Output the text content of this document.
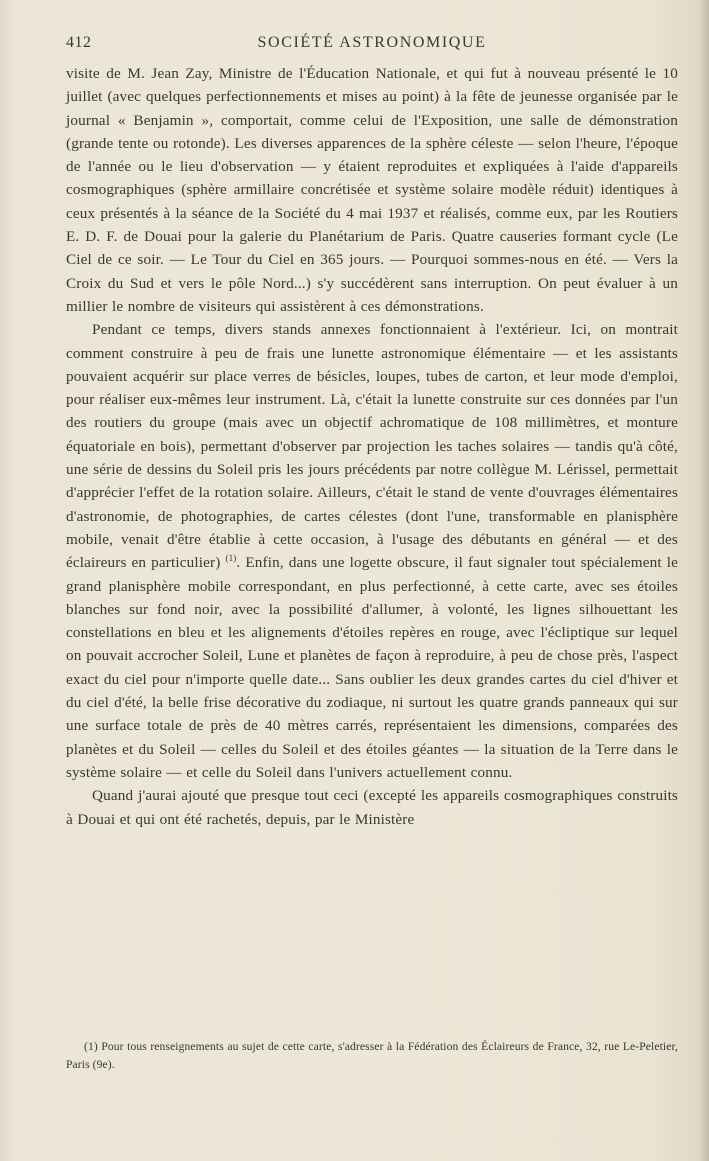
412	SOCIÉTÉ ASTRONOMIQUE

visite de M. Jean Zay, Ministre de l'Éducation Nationale, et qui fut à nouveau présenté le 10 juillet (avec quelques perfectionnements et mises au point) à la fête de jeunesse organisée par le journal « Benjamin », comportait, comme celui de l'Exposition, une salle de démonstration (grande tente ou rotonde). Les diverses apparences de la sphère céleste — selon l'heure, l'époque de l'année ou le lieu d'observation — y étaient reproduites et expliquées à l'aide d'appareils cosmographiques (sphère armillaire concrétisée et système solaire modèle réduit) identiques à ceux présentés à la séance de la Société du 4 mai 1937 et réalisés, comme eux, par les Routiers E. D. F. de Douai pour la galerie du Planétarium de Paris. Quatre causeries formant cycle (Le Ciel de ce soir. — Le Tour du Ciel en 365 jours. — Pourquoi sommes-nous en été. — Vers la Croix du Sud et vers le pôle Nord...) s'y succédèrent sans interruption. On peut évaluer à un millier le nombre de visiteurs qui assistèrent à ces démonstrations.

Pendant ce temps, divers stands annexes fonctionnaient à l'extérieur. Ici, on montrait comment construire à peu de frais une lunette astronomique élémentaire — et les assistants pouvaient acquérir sur place verres de bésicles, loupes, tubes de carton, et leur mode d'emploi, pour réaliser eux-mêmes leur instrument. Là, c'était la lunette construite sur ces données par l'un des routiers du groupe (mais avec un objectif achromatique de 108 millimètres, et monture équatoriale en bois), permettant d'observer par projection les taches solaires — tandis qu'à côté, une série de dessins du Soleil pris les jours précédents par notre collègue M. Lérissel, permettait d'apprécier l'effet de la rotation solaire. Ailleurs, c'était le stand de vente d'ouvrages élémentaires d'astronomie, de photographies, de cartes célestes (dont l'une, transformable en planisphère mobile, venait d'être établie à cette occasion, à l'usage des débutants en général — et des éclaireurs en particulier) $^{(1)}$. Enfin, dans une logette obscure, il faut signaler tout spécialement le grand planisphère mobile correspondant, en plus perfectionné, à cette carte, avec ses étoiles blanches sur fond noir, avec la possibilité d'allumer, à volonté, les lignes silhouettant les constellations en bleu et les alignements d'étoiles repères en rouge, avec l'écliptique sur lequel on pouvait accrocher Soleil, Lune et planètes de façon à reproduire, à peu de chose près, l'aspect exact du ciel pour n'importe quelle date... Sans oublier les deux grandes cartes du ciel d'hiver et du ciel d'été, la belle frise décorative du zodiaque, ni surtout les quatre grands panneaux qui sur une surface totale de près de 40 mètres carrés, représentaient les dimensions, comparées des planètes et du Soleil — celles du Soleil et des étoiles géantes — la situation de la Terre dans le système solaire — et celle du Soleil dans l'univers actuellement connu.

Quand j'aurai ajouté que presque tout ceci (excepté les appareils cosmographiques construits à Douai et qui ont été rachetés, depuis, par le Ministère

(1) Pour tous renseignements au sujet de cette carte, s'adresser à la Fédération des Éclaireurs de France, 32, rue Le-Peletier, Paris (9e).
